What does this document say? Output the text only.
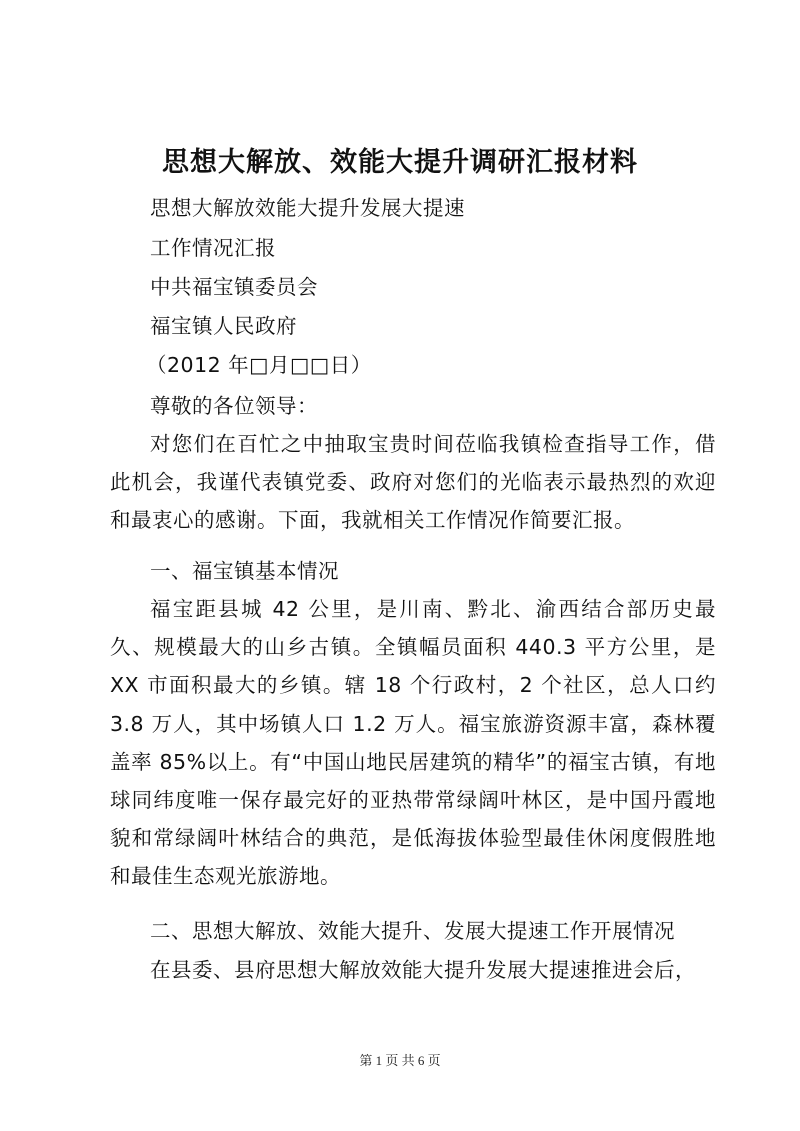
思想大解放、效能大提升调研汇报材料
思想大解放效能大提升发展大提速
工作情况汇报
中共福宝镇委员会
福宝镇人民政府
（2012 年□月□□日）
尊敬的各位领导：

对您们在百忙之中抽取宝贵时间莅临我镇检查指导工作，借此机会，我谨代表镇党委、政府对您们的光临表示最热烈的欢迎和最衷心的感谢。下面，我就相关工作情况作简要汇报。

一、福宝镇基本情况

福宝距县城 42 公里，是川南、黔北、渝西结合部历史最久、规模最大的山乡古镇。全镇幅员面积 440.3 平方公里，是 XX 市面积最大的乡镇。辖 18 个行政村，2 个社区，总人口约 3.8 万人，其中场镇人口 1.2 万人。福宝旅游资源丰富，森林覆盖率 85%以上。有“中国山地民居建筑的精华”的福宝古镇，有地球同纬度唯一保存最完好的亚热带常绿阔叶林区，是中国丹霞地貌和常绿阔叶林结合的典范，是低海拔体验型最佳休闲度假胜地和最佳生态观光旅游地。

二、思想大解放、效能大提升、发展大提速工作开展情况

在县委、县府思想大解放效能大提升发展大提速推进会后，

第 1 页 共 6 页
